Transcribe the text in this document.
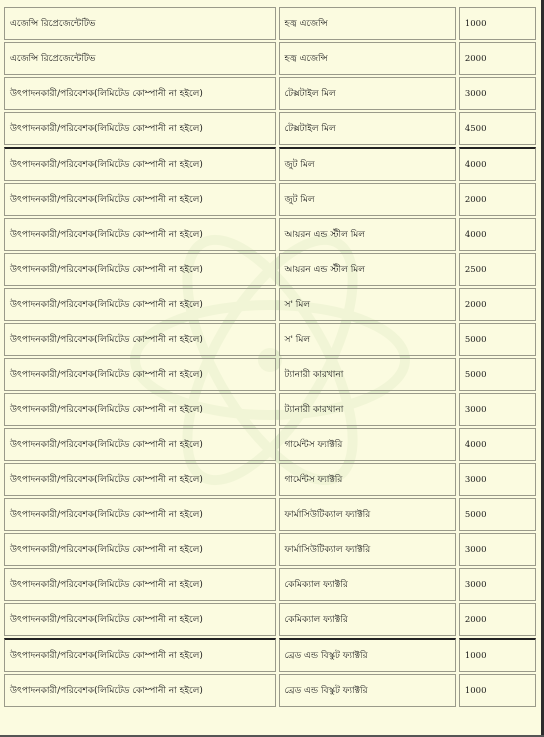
এজেন্সি রিপ্রেজেন্টেটিভ	হজ্ব এজেন্সি	1000
এজেন্সি রিপ্রেজেন্টেটিভ	হজ্ব এজেন্সি	2000
উৎপাদনকারী/পরিবেশক(লিমিটেড কোম্পানী না হইলে)	টেক্সটাইল মিল	3000
উৎপাদনকারী/পরিবেশক(লিমিটেড কোম্পানী না হইলে)	টেক্সটাইল মিল	4500
উৎপাদনকারী/পরিবেশক(লিমিটেড কোম্পানী না হইলে)	জুট মিল	4000
উৎপাদনকারী/পরিবেশক(লিমিটেড কোম্পানী না হইলে)	জুট মিল	2000
উৎপাদনকারী/পরিবেশক(লিমিটেড কোম্পানী না হইলে)	আয়রন এন্ড স্টীল মিল	4000
উৎপাদনকারী/পরিবেশক(লিমিটেড কোম্পানী না হইলে)	আয়রন এন্ড স্টীল মিল	2500
উৎপাদনকারী/পরিবেশক(লিমিটেড কোম্পানী না হইলে)	স' মিল	2000
উৎপাদনকারী/পরিবেশক(লিমিটেড কোম্পানী না হইলে)	স' মিল	5000
উৎপাদনকারী/পরিবেশক(লিমিটেড কোম্পানী না হইলে)	ট্যানারী কারখানা	5000
উৎপাদনকারী/পরিবেশক(লিমিটেড কোম্পানী না হইলে)	ট্যানারী কারখানা	3000
উৎপাদনকারী/পরিবেশক(লিমিটেড কোম্পানী না হইলে)	গার্মেন্টস ফ্যাক্টরি	4000
উৎপাদনকারী/পরিবেশক(লিমিটেড কোম্পানী না হইলে)	গার্মেন্টস ফ্যাক্টরি	3000
উৎপাদনকারী/পরিবেশক(লিমিটেড কোম্পানী না হইলে)	ফার্মাসিউটিক্যাল ফ্যাক্টরি	5000
উৎপাদনকারী/পরিবেশক(লিমিটেড কোম্পানী না হইলে)	ফার্মাসিউটিক্যাল ফ্যাক্টরি	3000
উৎপাদনকারী/পরিবেশক(লিমিটেড কোম্পানী না হইলে)	কেমিক্যাল ফ্যাক্টরি	3000
উৎপাদনকারী/পরিবেশক(লিমিটেড কোম্পানী না হইলে)	কেমিক্যাল ফ্যাক্টরি	2000
উৎপাদনকারী/পরিবেশক(লিমিটেড কোম্পানী না হইলে)	ব্রেড এন্ড বিস্কুট ফ্যাক্টরি	1000
উৎপাদনকারী/পরিবেশক(লিমিটেড কোম্পানী না হইলে)	ব্রেড এন্ড বিস্কুট ফ্যাক্টরি	1000
